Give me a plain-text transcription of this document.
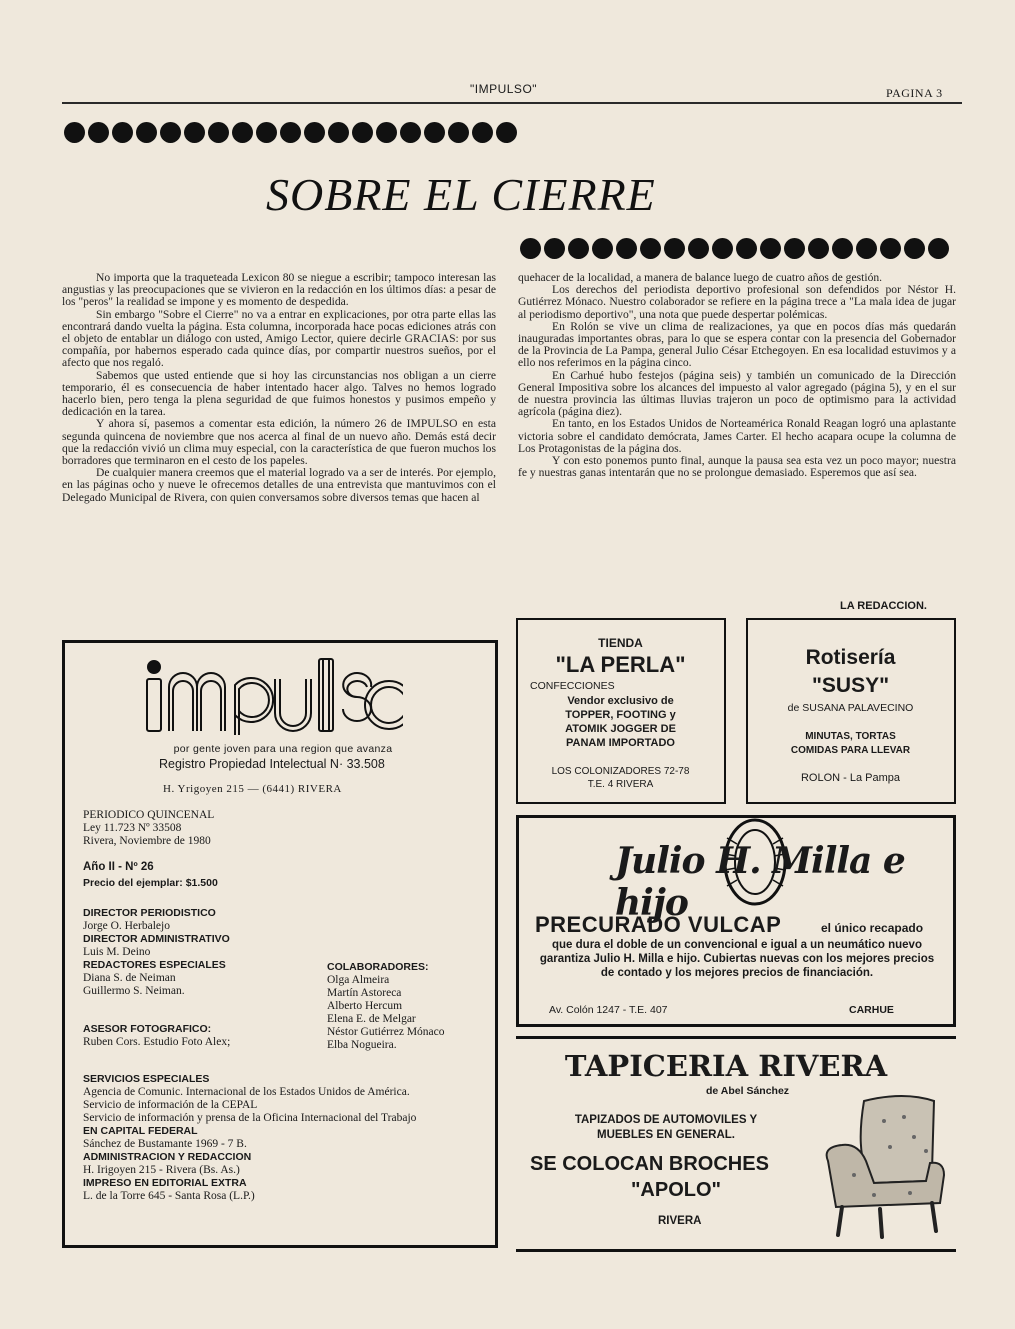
"IMPULSO"	PAGINA 3
SOBRE EL CIERRE

No importa que la traqueteada Lexicon 80 se niegue a escribir; tampoco interesan las angustias y las preocupaciones que se vivieron en la redacción en los últimos días: a pesar de los "peros" la realidad se impone y es momento de despedida.

Sin embargo "Sobre el Cierre" no va a entrar en explicaciones, por otra parte ellas las encontrará dando vuelta la página. Esta columna, incorporada hace pocas ediciones atrás con el objeto de entablar un diálogo con usted, Amigo Lector, quiere decirle GRACIAS: por sus compañía, por habernos esperado cada quince días, por compartir nuestros sueños, por el afecto que nos regaló.

Sabemos que usted entiende que si hoy las circunstancias nos obligan a un cierre temporario, él es consecuencia de haber intentado hacer algo. Talves no hemos logrado hacerlo bien, pero tenga la plena seguridad de que fuimos honestos y pusimos empeño y dedicación en la tarea.

Y ahora sí, pasemos a comentar esta edición, la número 26 de IMPULSO en esta segunda quincena de noviembre que nos acerca al final de un nuevo año. Demás está decir que la redacción vivió un clima muy especial, con la característica de que fueron muchos los borradores que terminaron en el cesto de los papeles.

De cualquier manera creemos que el material logrado va a ser de interés. Por ejemplo, en las páginas ocho y nueve le ofrecemos detalles de una entrevista que mantuvimos con el Delegado Municipal de Rivera, con quien conversamos sobre diversos temas que hacen al

quehacer de la localidad, a manera de balance luego de cuatro años de gestión.

Los derechos del periodista deportivo profesional son defendidos por Néstor H. Gutiérrez Mónaco. Nuestro colaborador se refiere en la página trece a "La mala idea de jugar al periodismo deportivo", una nota que puede despertar polémicas.

En Rolón se vive un clima de realizaciones, ya que en pocos días más quedarán inauguradas importantes obras, para lo que se espera contar con la presencia del Gobernador de la Provincia de La Pampa, general Julio César Etchegoyen. En esa localidad estuvimos y a ello nos referimos en la página cinco.

En Carhué hubo festejos (página seis) y también un comunicado de la Dirección General Impositiva sobre los alcances del impuesto al valor agregado (página 5), y en el sur de nuestra provincia las últimas lluvias trajeron un poco de optimismo para la actividad agrícola (página diez).

En tanto, en los Estados Unidos de Norteamérica Ronald Reagan logró una aplastante victoria sobre el candidato demócrata, James Carter. El hecho acapara ocupe la columna de Los Protagonistas de la página dos.

Y con esto ponemos punto final, aunque la pausa sea esta vez un poco mayor; nuestra fe y nuestras ganas intentarán que no se prolongue demasiado. Esperemos que así sea.

LA REDACCION.
por gente joven para una region que avanza
Registro Propiedad Intelectual N· 33.508
H. Yrigoyen 215 — (6441) RIVERA
PERIODICO QUINCENAL
Ley 11.723 Nº 33508
Rivera, Noviembre de 1980
Año II - Nº 26
Precio del ejemplar: $1.500
DIRECTOR PERIODISTICO
Jorge O. Herbalejo
DIRECTOR ADMINISTRATIVO
Luis M. Deino
REDACTORES ESPECIALES
Diana S. de Neiman
Guillermo S. Neiman.
ASESOR FOTOGRAFICO:
Ruben Cors. Estudio Foto Alex;
COLABORADORES:
Olga Almeira
Martín Astoreca
Alberto Hercum
Elena E. de Melgar
Néstor Gutiérrez Mónaco
Elba Nogueira.
SERVICIOS ESPECIALES
Agencia de Comunic. Internacional de los Estados Unidos de América.
Servicio de información de la CEPAL
Servicio de información y prensa de la Oficina Internacional del Trabajo
EN CAPITAL FEDERAL
Sánchez de Bustamante 1969 - 7 B.
ADMINISTRACION Y REDACCION
H. Irigoyen 215 - Rivera (Bs. As.)
IMPRESO EN EDITORIAL EXTRA
L. de la Torre 645 - Santa Rosa (L.P.)
TIENDA
"LA PERLA"
CONFECCIONES
Vendor exclusivo de
TOPPER, FOOTING y
ATOMIK JOGGER DE
PANAM IMPORTADO
LOS COLONIZADORES 72-78
T.E. 4 RIVERA
Rotisería
"SUSY"
de SUSANA PALAVECINO
MINUTAS, TORTAS
COMIDAS PARA LLEVAR
ROLON - La Pampa
Julio H. Milla e hijo
PRECURADO VULCAP	el único recapado
que dura el doble de un convencional e igual a un neumático nuevo garantiza Julio H. Milla e hijo. Cubiertas nuevas con los mejores precios de contado y los mejores precios de financiación.
Av. Colón 1247 - T.E. 407	CARHUE
TAPICERIA RIVERA
de Abel Sánchez
TAPIZADOS DE AUTOMOVILES Y
MUEBLES EN GENERAL.
SE COLOCAN BROCHES
"APOLO"
RIVERA
